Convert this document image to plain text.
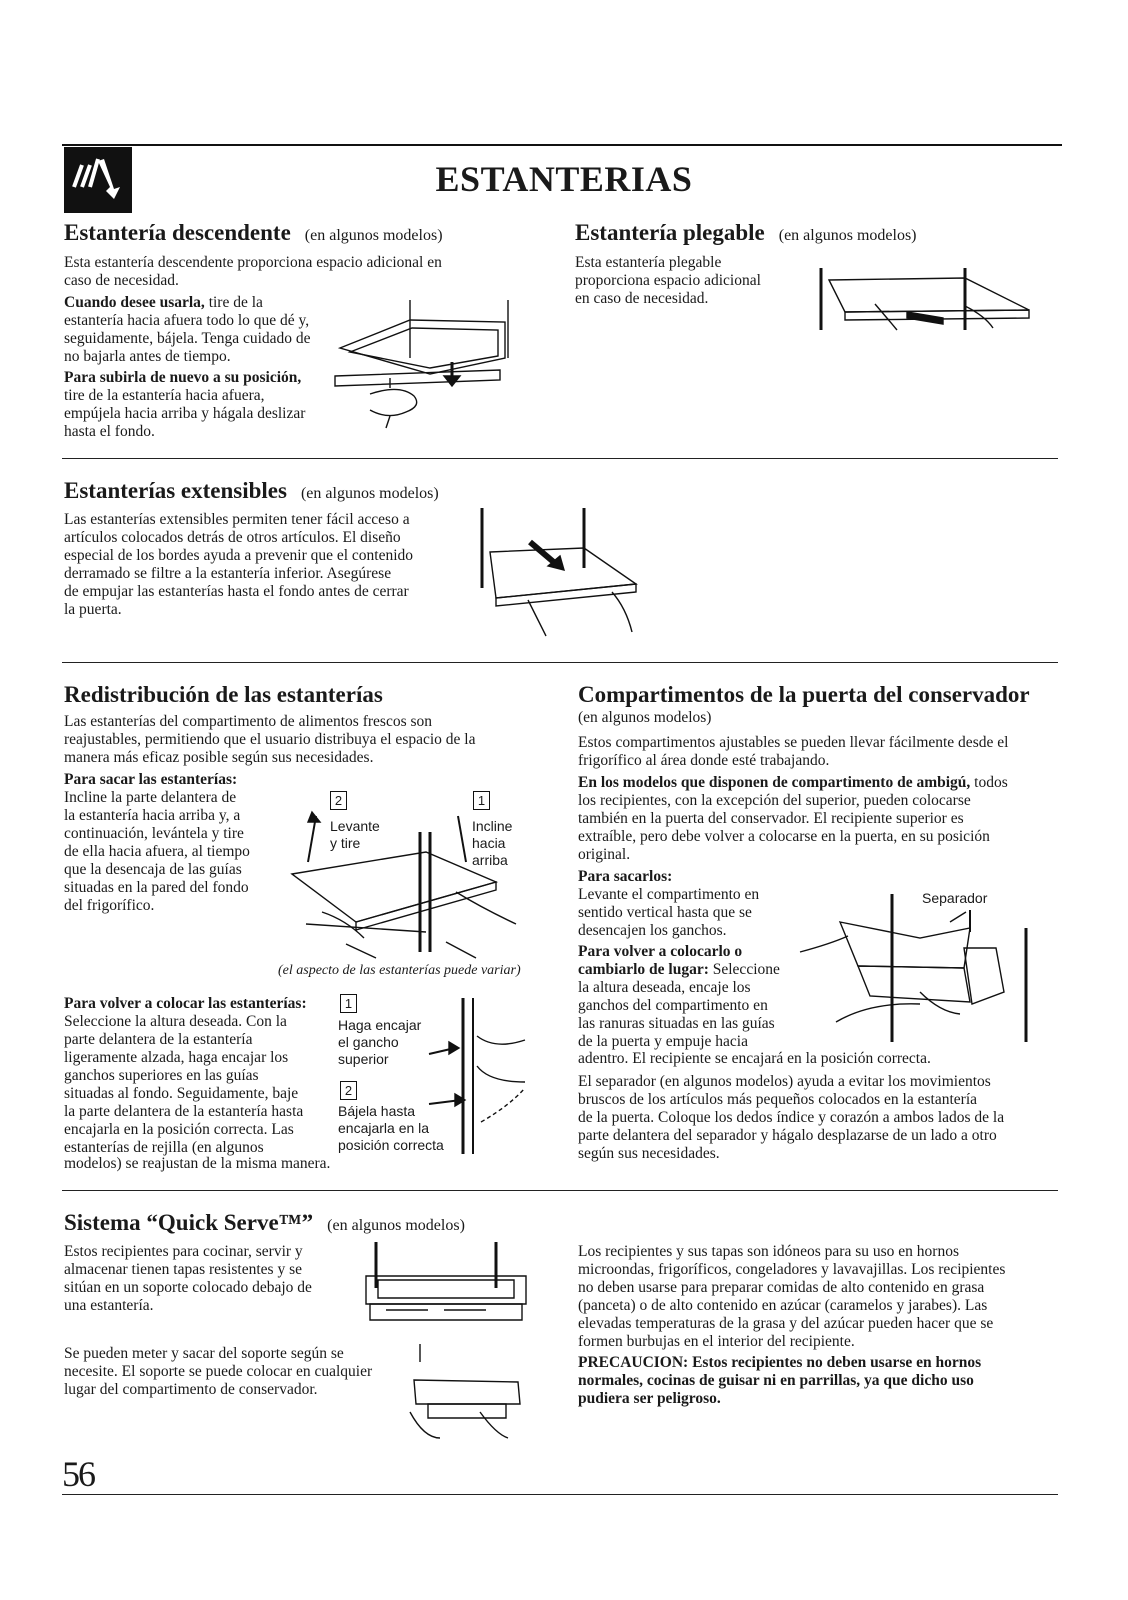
ESTANTERIAS
Estantería descendente (en algunos modelos)
Esta estantería descendente proporciona espacio adicional en
caso de necesidad.
Cuando desee usarla, tire de la
estantería hacia afuera todo lo que dé y,
seguidamente, bájela. Tenga cuidado de
no bajarla antes de tiempo.
Para subirla de nuevo a su posición,
tire de la estantería hacia afuera,
empújela hacia arriba y hágala deslizar
hasta el fondo.
Estantería plegable (en algunos modelos)
Esta estantería plegable
proporciona espacio adicional
en caso de necesidad.
Estanterías extensibles (en algunos modelos)
Las estanterías extensibles permiten tener fácil acceso a
artículos colocados detrás de otros artículos. El diseño
especial de los bordes ayuda a prevenir que el contenido
derramado se filtre a la estantería inferior. Asegúrese
de empujar las estanterías hasta el fondo antes de cerrar
la puerta.
Redistribución de las estanterías
Las estanterías del compartimento de alimentos frescos son
reajustables, permitiendo que el usuario distribuya el espacio de la
manera más eficaz posible según sus necesidades.
Para sacar las estanterías:
Incline la parte delantera de
la estantería hacia arriba y, a
continuación, levántela y tire
de ella hacia afuera, al tiempo
que la desencaja de las guías
situadas en la pared del fondo
del frigorífico.
2
Levante
y tire
1
Incline
hacia
arriba
(el aspecto de las estanterías puede variar)
Para volver a colocar las estanterías:
Seleccione la altura deseada. Con la
parte delantera de la estantería
ligeramente alzada, haga encajar los
ganchos superiores en las guías
situadas al fondo. Seguidamente, baje
la parte delantera de la estantería hasta
encajarla en la posición correcta. Las
estanterías de rejilla (en algunos
modelos) se reajustan de la misma manera.
1
Haga encajar
el gancho
superior
2
Bájela hasta
encajarla en la
posición correcta
Compartimentos de la puerta del conservador
(en algunos modelos)
Estos compartimentos ajustables se pueden llevar fácilmente desde el
frigorífico al área donde esté trabajando.
En los modelos que disponen de compartimento de ambigú, todos
los recipientes, con la excepción del superior, pueden colocarse
también en la puerta del conservador. El recipiente superior es
extraíble, pero debe volver a colocarse en la puerta, en su posición
original.
Para sacarlos:
Levante el compartimento en
sentido vertical hasta que se
desencajen los ganchos.
Para volver a colocarlo o
cambiarlo de lugar: Seleccione
la altura deseada, encaje los
ganchos del compartimento en
las ranuras situadas en las guías
de la puerta y empuje hacia
adentro. El recipiente se encajará en la posición correcta.
Separador
El separador (en algunos modelos) ayuda a evitar los movimientos
bruscos de los artículos más pequeños colocados en la estantería
de la puerta. Coloque los dedos índice y corazón a ambos lados de la
parte delantera del separador y hágalo desplazarse de un lado a otro
según sus necesidades.
Sistema “Quick Serve™” (en algunos modelos)
Estos recipientes para cocinar, servir y
almacenar tienen tapas resistentes y se
sitúan en un soporte colocado debajo de
una estantería.
Se pueden meter y sacar del soporte según se
necesite. El soporte se puede colocar en cualquier
lugar del compartimento de conservador.
Los recipientes y sus tapas son idóneos para su uso en hornos
microondas, frigoríficos, congeladores y lavavajillas. Los recipientes
no deben usarse para preparar comidas de alto contenido en grasa
(panceta) o de alto contenido en azúcar (caramelos y jarabes). Las
elevadas temperaturas de la grasa y del azúcar pueden hacer que se
formen burbujas en el interior del recipiente.
PRECAUCION: Estos recipientes no deben usarse en hornos
normales, cocinas de guisar ni en parrillas, ya que dicho uso
pudiera ser peligroso.
56
